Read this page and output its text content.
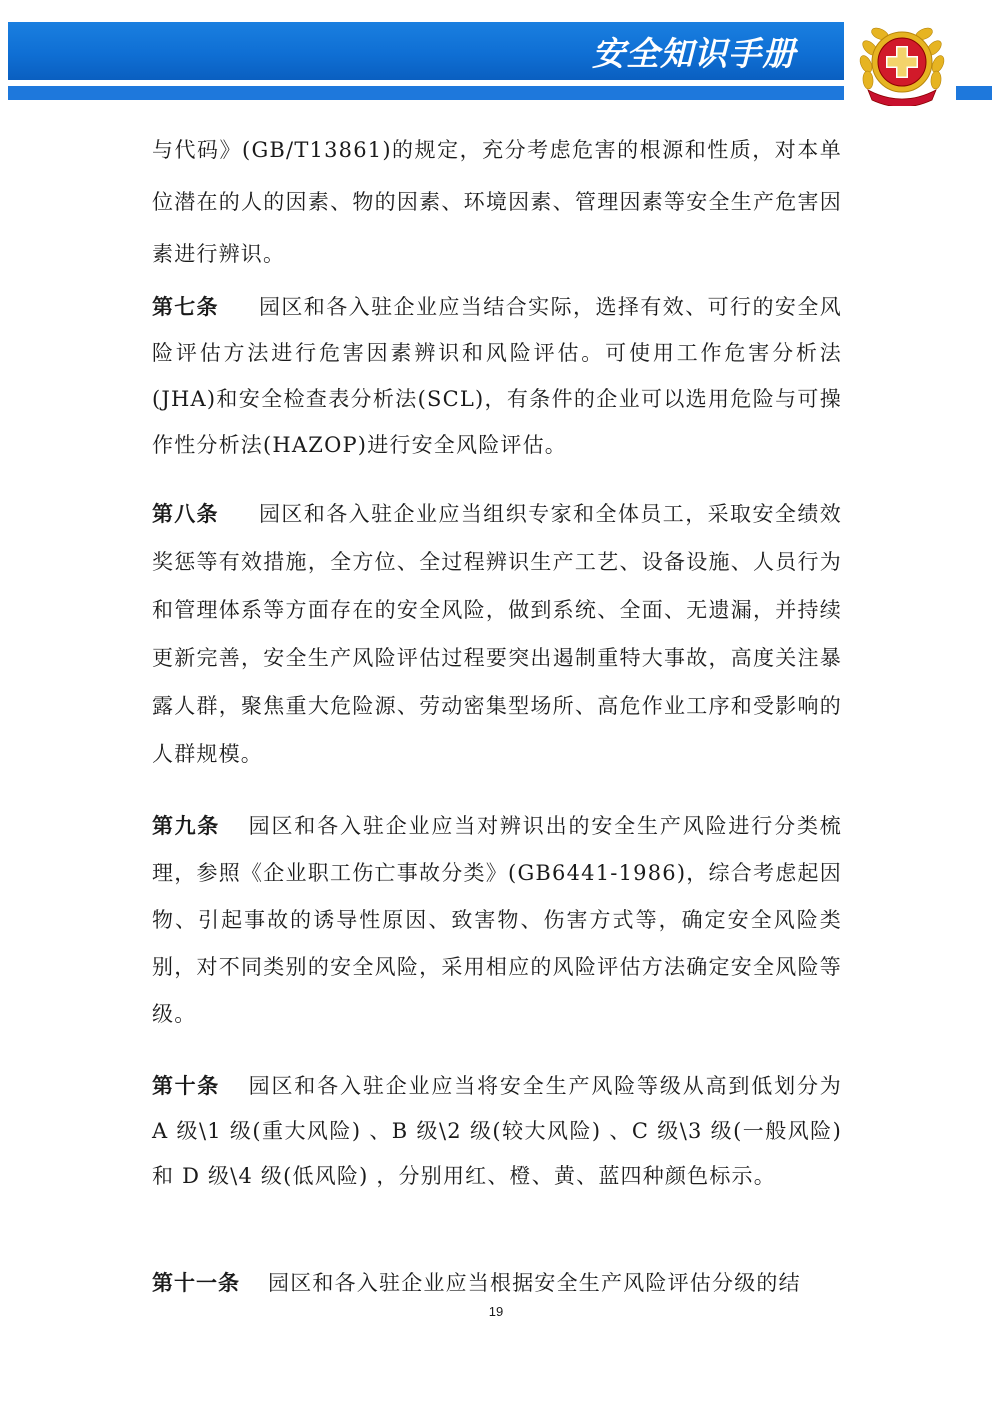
安全知识手册

与代码》(GB/T13861)的规定，充分考虑危害的根源和性质，对本单位潜在的人的因素、物的因素、环境因素、管理因素等安全生产危害因素进行辨识。

第七条 园区和各入驻企业应当结合实际，选择有效、可行的安全风险评估方法进行危害因素辨识和风险评估。可使用工作危害分析法(JHA)和安全检查表分析法(SCL)，有条件的企业可以选用危险与可操作性分析法(HAZOP)进行安全风险评估。

第八条 园区和各入驻企业应当组织专家和全体员工，采取安全绩效奖惩等有效措施，全方位、全过程辨识生产工艺、设备设施、人员行为和管理体系等方面存在的安全风险，做到系统、全面、无遗漏，并持续更新完善，安全生产风险评估过程要突出遏制重特大事故，高度关注暴露人群，聚焦重大危险源、劳动密集型场所、高危作业工序和受影响的人群规模。

第九条 园区和各入驻企业应当对辨识出的安全生产风险进行分类梳理，参照《企业职工伤亡事故分类》(GB6441-1986)，综合考虑起因物、引起事故的诱导性原因、致害物、伤害方式等，确定安全风险类别，对不同类别的安全风险，采用相应的风险评估方法确定安全风险等级。

第十条 园区和各入驻企业应当将安全生产风险等级从高到低划分为 A 级\1 级(重大风险) 、B 级\2 级(较大风险) 、C 级\3 级(一般风险)和 D 级\4 级(低风险) ，分别用红、橙、黄、蓝四种颜色标示。

第十一条 园区和各入驻企业应当根据安全生产风险评估分级的结

19
